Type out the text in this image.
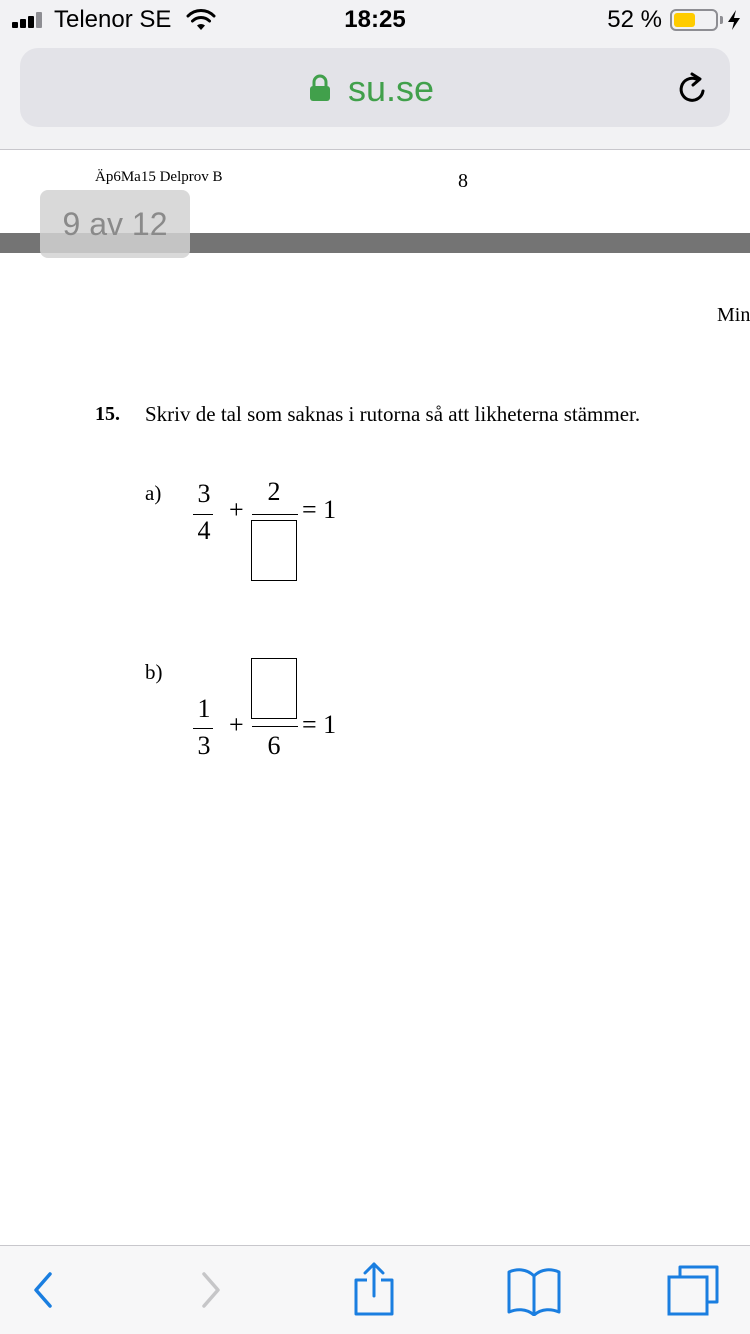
Telenor SE	18:25	52 %
su.se
Äp6Ma15 Delprov B	8
9 av 12
Min
15. Skriv de tal som saknas i rutorna så att likheterna stämmer.
a)	3
4
+
2
= 1
b)
1
3
+
6
= 1
